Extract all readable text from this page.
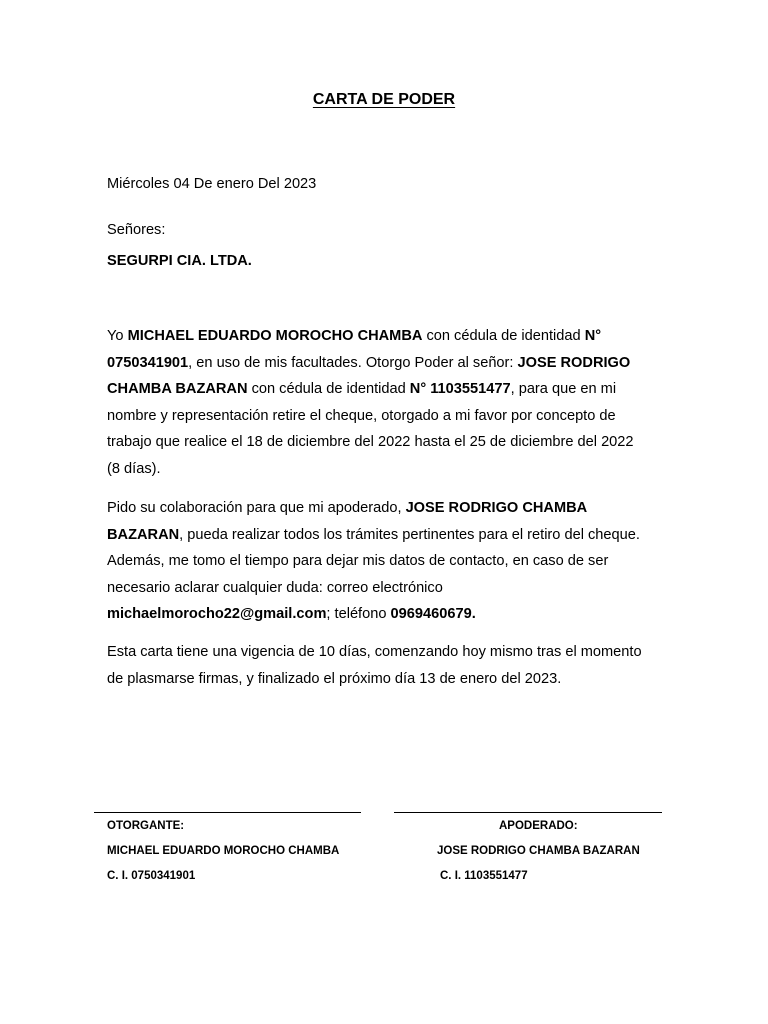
CARTA DE PODER
Miércoles 04 De enero Del 2023
Señores:
SEGURPI CIA. LTDA.
Yo MICHAEL EDUARDO MOROCHO CHAMBA con cédula de identidad N°
0750341901, en uso de mis facultades. Otorgo Poder al señor: JOSE RODRIGO
CHAMBA BAZARAN con cédula de identidad N° 1103551477, para que en mi
nombre y representación retire el cheque, otorgado a mi favor por concepto de
trabajo que realice el 18 de diciembre del 2022 hasta el 25 de diciembre del 2022
(8 días).
Pido su colaboración para que mi apoderado, JOSE RODRIGO CHAMBA
BAZARAN, pueda realizar todos los trámites pertinentes para el retiro del cheque.
Además, me tomo el tiempo para dejar mis datos de contacto, en caso de ser
necesario aclarar cualquier duda: correo electrónico
michaelmorocho22@gmail.com; teléfono 0969460679.
Esta carta tiene una vigencia de 10 días, comenzando hoy mismo tras el momento
de plasmarse firmas, y finalizado el próximo día 13 de enero del 2023.
OTORGANTE:
MICHAEL EDUARDO MOROCHO CHAMBA
C. I. 0750341901
APODERADO:
JOSE RODRIGO CHAMBA BAZARAN
C. I. 1103551477
